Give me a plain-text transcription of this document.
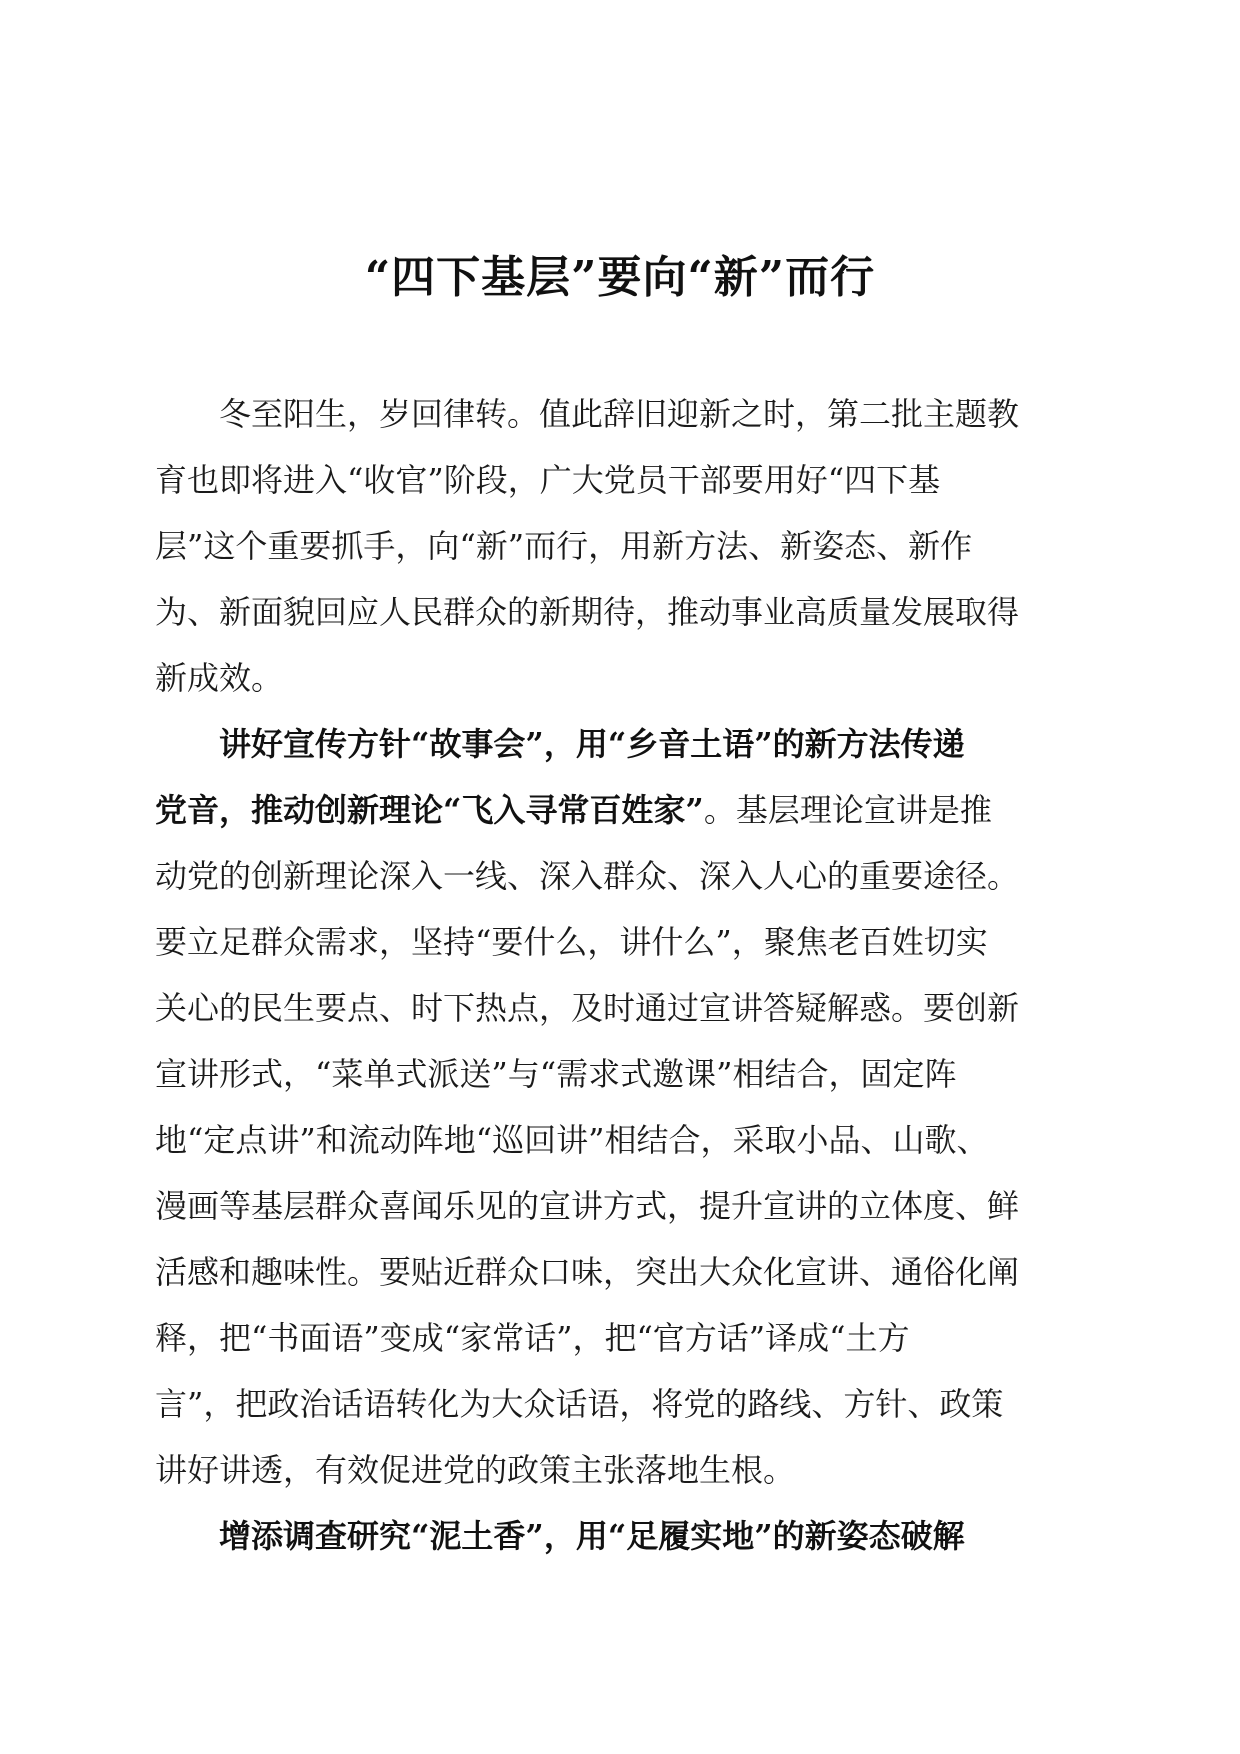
“四下基层”要向“新”而行
冬至阳生，岁回律转。值此辞旧迎新之时，第二批主题教
育也即将进入“收官”阶段，广大党员干部要用好“四下基
层”这个重要抓手，向“新”而行，用新方法、新姿态、新作
为、新面貌回应人民群众的新期待，推动事业高质量发展取得
新成效。
讲好宣传方针“故事会”，用“乡音土语”的新方法传递
党音，推动创新理论“飞入寻常百姓家”。基层理论宣讲是推
动党的创新理论深入一线、深入群众、深入人心的重要途径。
要立足群众需求，坚持“要什么，讲什么”，聚焦老百姓切实
关心的民生要点、时下热点，及时通过宣讲答疑解惑。要创新
宣讲形式，“菜单式派送”与“需求式邀课”相结合，固定阵
地“定点讲”和流动阵地“巡回讲”相结合，采取小品、山歌、
漫画等基层群众喜闻乐见的宣讲方式，提升宣讲的立体度、鲜
活感和趣味性。要贴近群众口味，突出大众化宣讲、通俗化阐
释，把“书面语”变成“家常话”，把“官方话”译成“土方
言”，把政治话语转化为大众话语，将党的路线、方针、政策
讲好讲透，有效促进党的政策主张落地生根。
增添调查研究“泥土香”，用“足履实地”的新姿态破解
